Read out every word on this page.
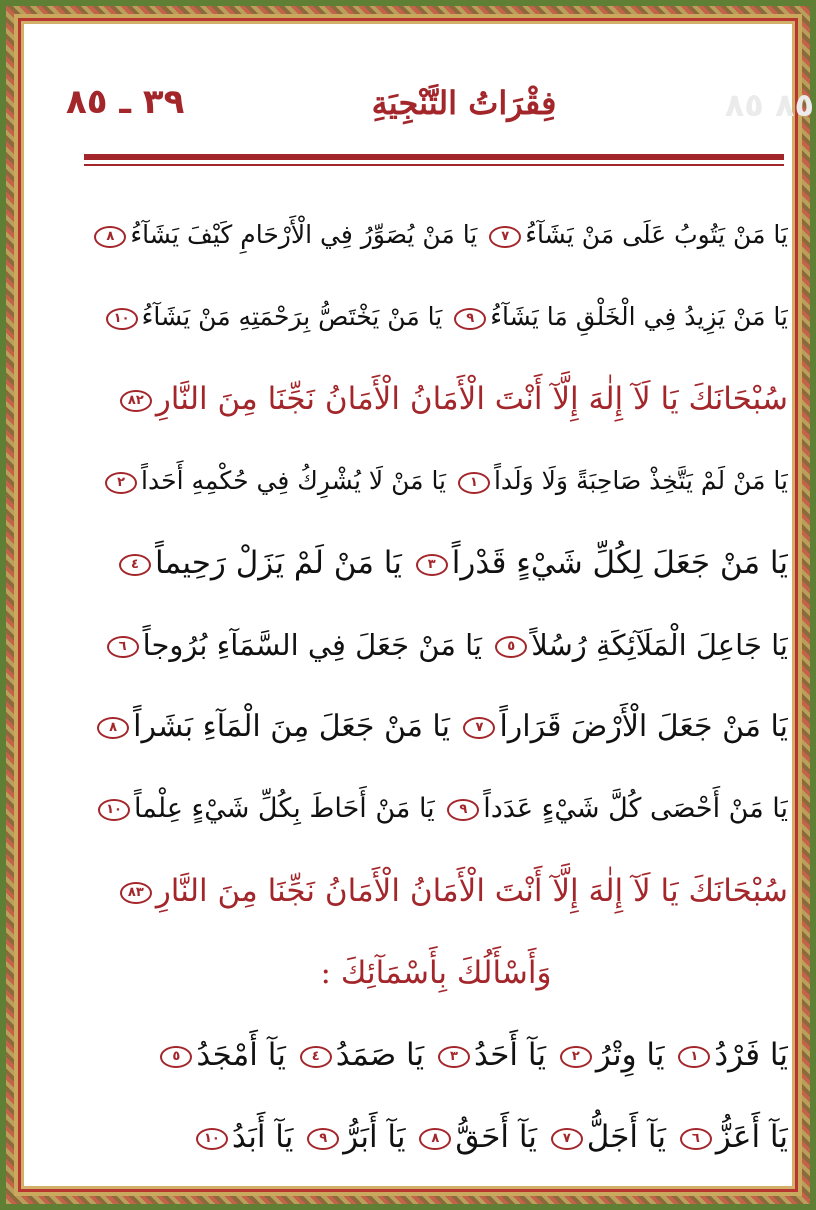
٣٩ ـ ٨٥	فِقْرَاتُ التَّنْجِيَةِ	٨٥ ٨٥
يَا مَنْ يَتُوبُ عَلَى مَنْ يَشَآءُ٧ يَا مَنْ يُصَوِّرُ فِي الْأَرْحَامِ كَيْفَ يَشَآءُ٨
يَا مَنْ يَزِيدُ فِي الْخَلْقِ مَا يَشَآءُ٩ يَا مَنْ يَخْتَصُّ بِرَحْمَتِهِ مَنْ يَشَآءُ١٠
سُبْحَانَكَ يَا لَآ إِلٰهَ إِلَّآ أَنْتَ الْأَمَانُ الْأَمَانُ نَجِّنَا مِنَ النَّارِ٨٢
يَا مَنْ لَمْ يَتَّخِذْ صَاحِبَةً وَلَا وَلَداً١ يَا مَنْ لَا يُشْرِكُ فِي حُكْمِهِ أَحَداً٢
يَا مَنْ جَعَلَ لِكُلِّ شَيْءٍ قَدْراً٣ يَا مَنْ لَمْ يَزَلْ رَحِيماً٤
يَا جَاعِلَ الْمَلَآئِكَةِ رُسُلاً٥ يَا مَنْ جَعَلَ فِي السَّمَآءِ بُرُوجاً٦
يَا مَنْ جَعَلَ الْأَرْضَ قَرَاراً٧ يَا مَنْ جَعَلَ مِنَ الْمَآءِ بَشَراً٨
يَا مَنْ أَحْصَى كُلَّ شَيْءٍ عَدَداً٩ يَا مَنْ أَحَاطَ بِكُلِّ شَيْءٍ عِلْماً١٠
سُبْحَانَكَ يَا لَآ إِلٰهَ إِلَّآ أَنْتَ الْأَمَانُ الْأَمَانُ نَجِّنَا مِنَ النَّارِ٨٣
وَأَسْأَلُكَ بِأَسْمَآئِكَ :
يَا فَرْدُ١ يَا وِتْرُ٢ يَآ أَحَدُ٣ يَا صَمَدُ٤ يَآ أَمْجَدُ٥
يَآ أَعَزُّ٦ يَآ أَجَلُّ٧ يَآ أَحَقُّ٨ يَآ أَبَرُّ٩ يَآ أَبَدُ١٠
